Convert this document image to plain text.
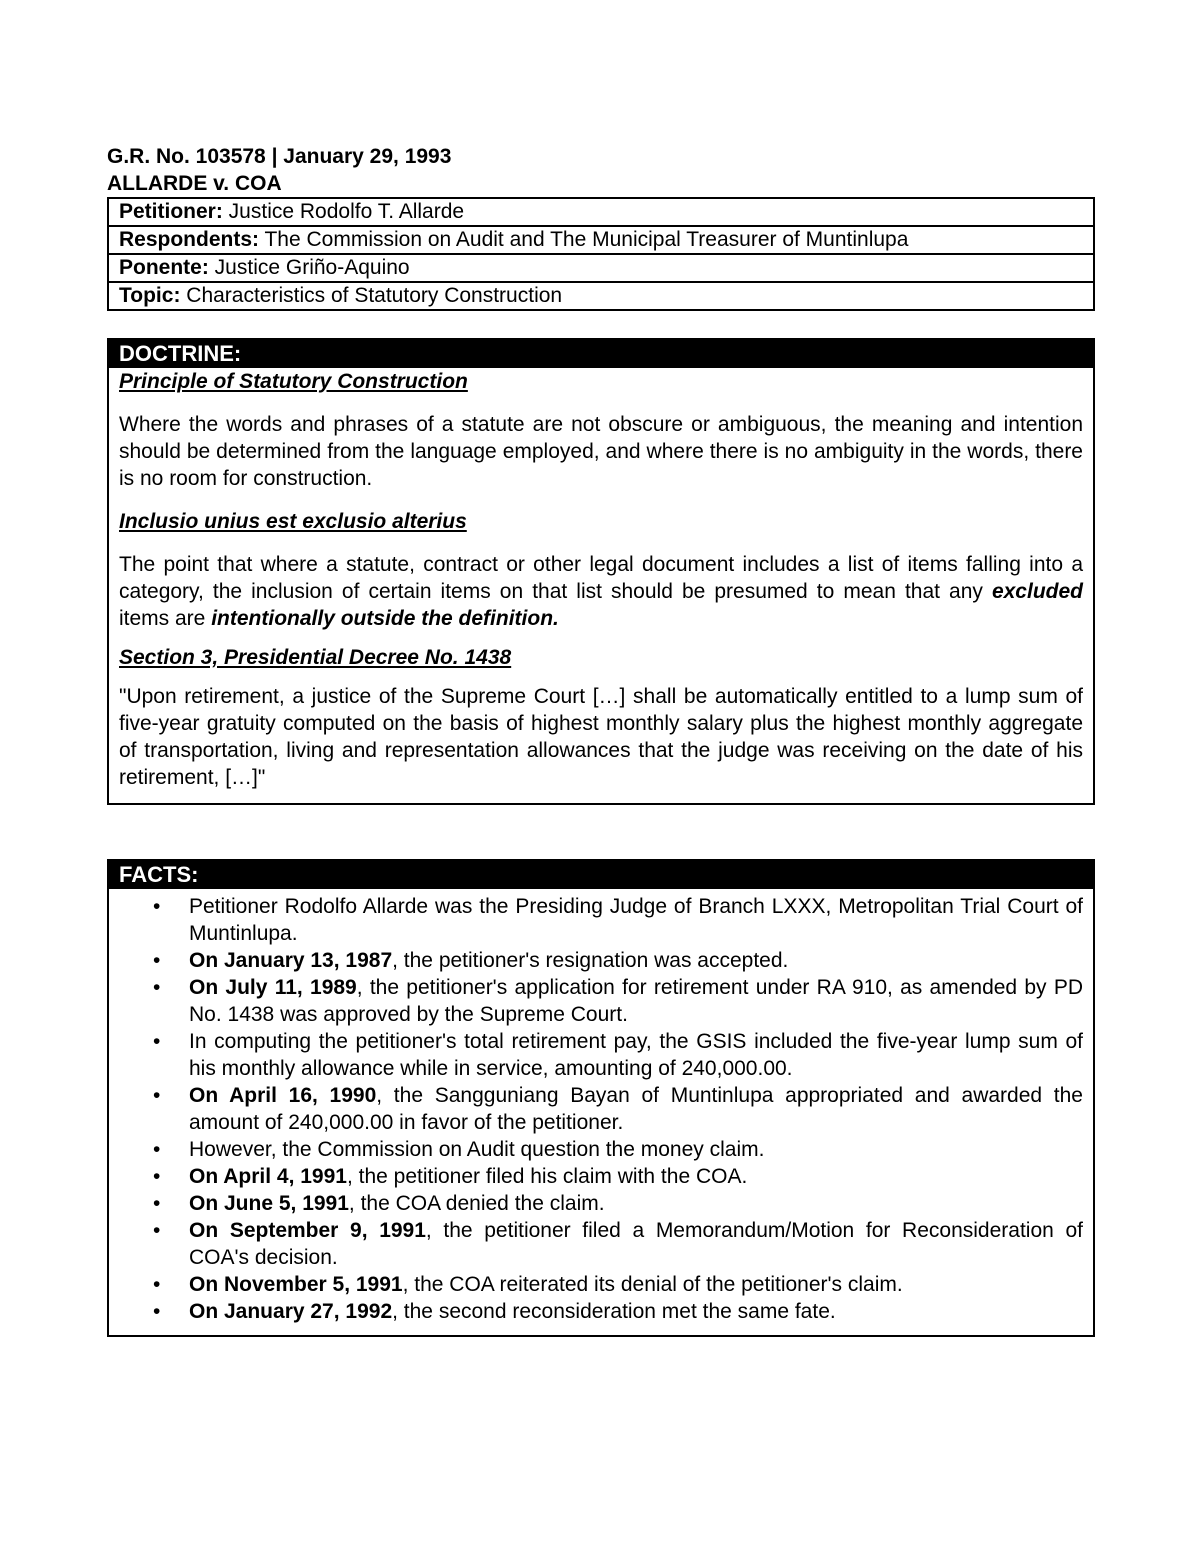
G.R. No. 103578 | January 29, 1993
ALLARDE v. COA
Petitioner: Justice Rodolfo T. Allarde
Respondents: The Commission on Audit and The Municipal Treasurer of Muntinlupa
Ponente: Justice Griño-Aquino
Topic: Characteristics of Statutory Construction
DOCTRINE:
Principle of Statutory Construction

Where the words and phrases of a statute are not obscure or ambiguous, the meaning and intention should be determined from the language employed, and where there is no ambiguity in the words, there is no room for construction.

Inclusio unius est exclusio alterius

The point that where a statute, contract or other legal document includes a list of items falling into a category, the inclusion of certain items on that list should be presumed to mean that any excluded items are intentionally outside the definition.

Section 3, Presidential Decree No. 1438

"Upon retirement, a justice of the Supreme Court […] shall be automatically entitled to a lump sum of five-year gratuity computed on the basis of highest monthly salary plus the highest monthly aggregate of transportation, living and representation allowances that the judge was receiving on the date of his retirement, […]"

FACTS:
• Petitioner Rodolfo Allarde was the Presiding Judge of Branch LXXX, Metropolitan Trial Court of Muntinlupa.
• On January 13, 1987, the petitioner's resignation was accepted.
• On July 11, 1989, the petitioner's application for retirement under RA 910, as amended by PD No. 1438 was approved by the Supreme Court.
• In computing the petitioner's total retirement pay, the GSIS included the five-year lump sum of his monthly allowance while in service, amounting of 240,000.00.
• On April 16, 1990, the Sangguniang Bayan of Muntinlupa appropriated and awarded the amount of 240,000.00 in favor of the petitioner.
• However, the Commission on Audit question the money claim.
• On April 4, 1991, the petitioner filed his claim with the COA.
• On June 5, 1991, the COA denied the claim.
• On September 9, 1991, the petitioner filed a Memorandum/Motion for Reconsideration of COA's decision.
• On November 5, 1991, the COA reiterated its denial of the petitioner's claim.
• On January 27, 1992, the second reconsideration met the same fate.
